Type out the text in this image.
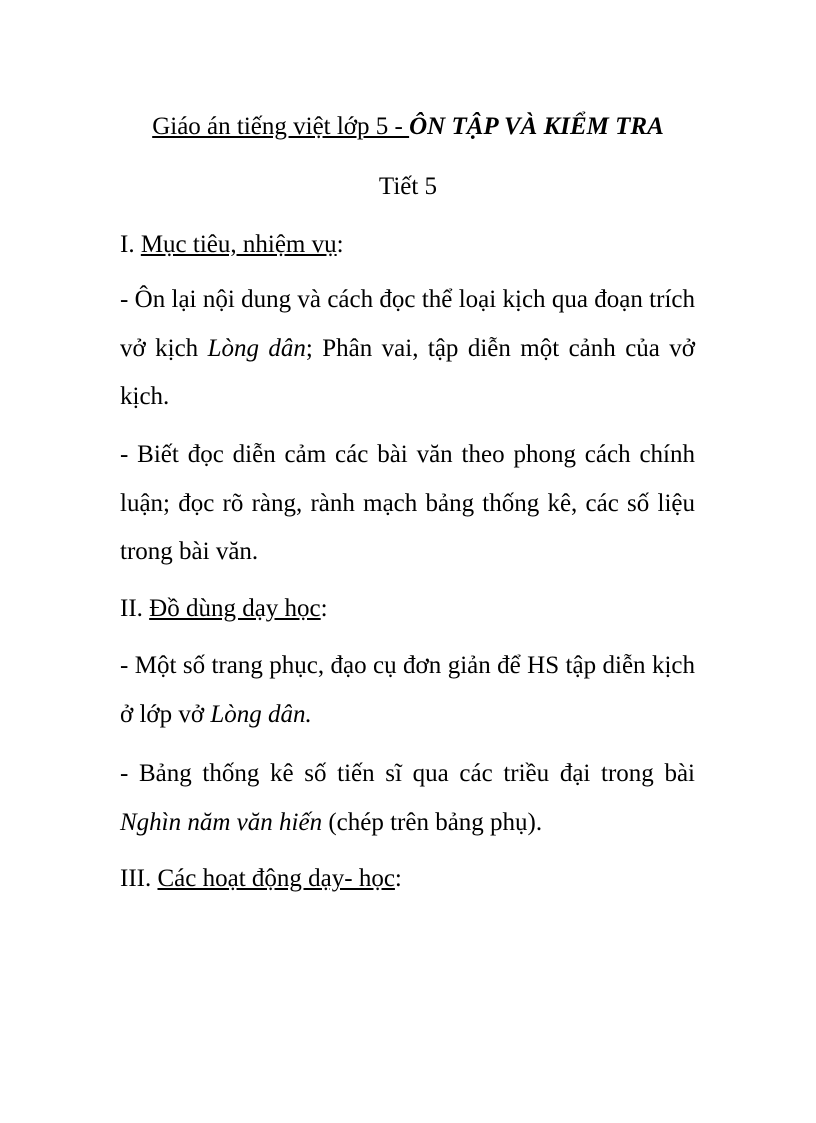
Giáo án tiếng việt lớp 5 - ÔN TẬP VÀ KIỂM TRA
Tiết 5
I. Mục tiêu, nhiệm vụ:
- Ôn lại nội dung và cách đọc thể loại kịch qua đoạn trích vở kịch Lòng dân; Phân vai, tập diễn một cảnh của vở kịch.
- Biết đọc diễn cảm các bài văn theo phong cách chính luận; đọc rõ ràng, rành mạch bảng thống kê, các số liệu trong bài văn.
II. Đồ dùng dạy học:
- Một số trang phục, đạo cụ đơn giản để HS tập diễn kịch ở lớp vở Lòng dân.
- Bảng thống kê số tiến sĩ qua các triều đại trong bài Nghìn năm văn hiến (chép trên bảng phụ).
III. Các hoạt động dạy- học:
